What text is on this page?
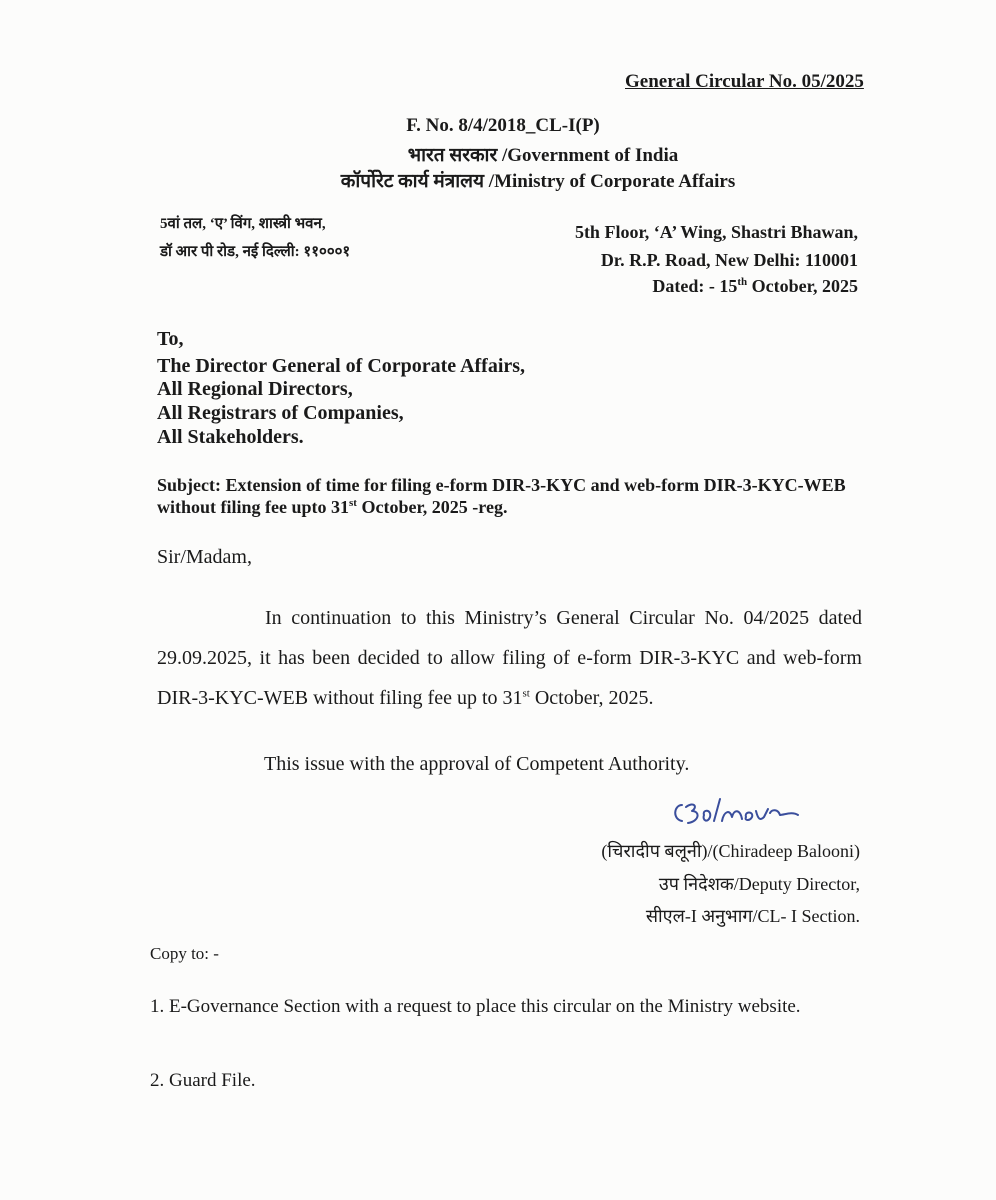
General Circular No. 05/2025
F. No. 8/4/2018_CL-I(P)
भारत सरकार /Government of India
कॉर्पोरेट कार्य मंत्रालय /Ministry of Corporate Affairs
5वां तल, ‘ए’ विंग, शास्त्री भवन,
डॉ आर पी रोड, नई दिल्ली: ११०००१
5th Floor, ‘A’ Wing, Shastri Bhawan,
Dr. R.P. Road, New Delhi: 110001
Dated: - 15th October, 2025
To,
The Director General of Corporate Affairs,
All Regional Directors,
All Registrars of Companies,
All Stakeholders.
Subject: Extension of time for filing e-form DIR-3-KYC and web-form DIR-3-KYC-WEB without filing fee upto 31st October, 2025 -reg.
Sir/Madam,
In continuation to this Ministry’s General Circular No. 04/2025 dated 29.09.2025, it has been decided to allow filing of e-form DIR-3-KYC and web-form DIR-3-KYC-WEB without filing fee up to 31st October, 2025.
This issue with the approval of Competent Authority.
(चिरादीप बलूनी)/(Chiradeep Balooni)
उप निदेशक/Deputy Director,
सीएल-I अनुभाग/CL- I Section.
Copy to: -
1. E-Governance Section with a request to place this circular on the Ministry website.
2. Guard File.
